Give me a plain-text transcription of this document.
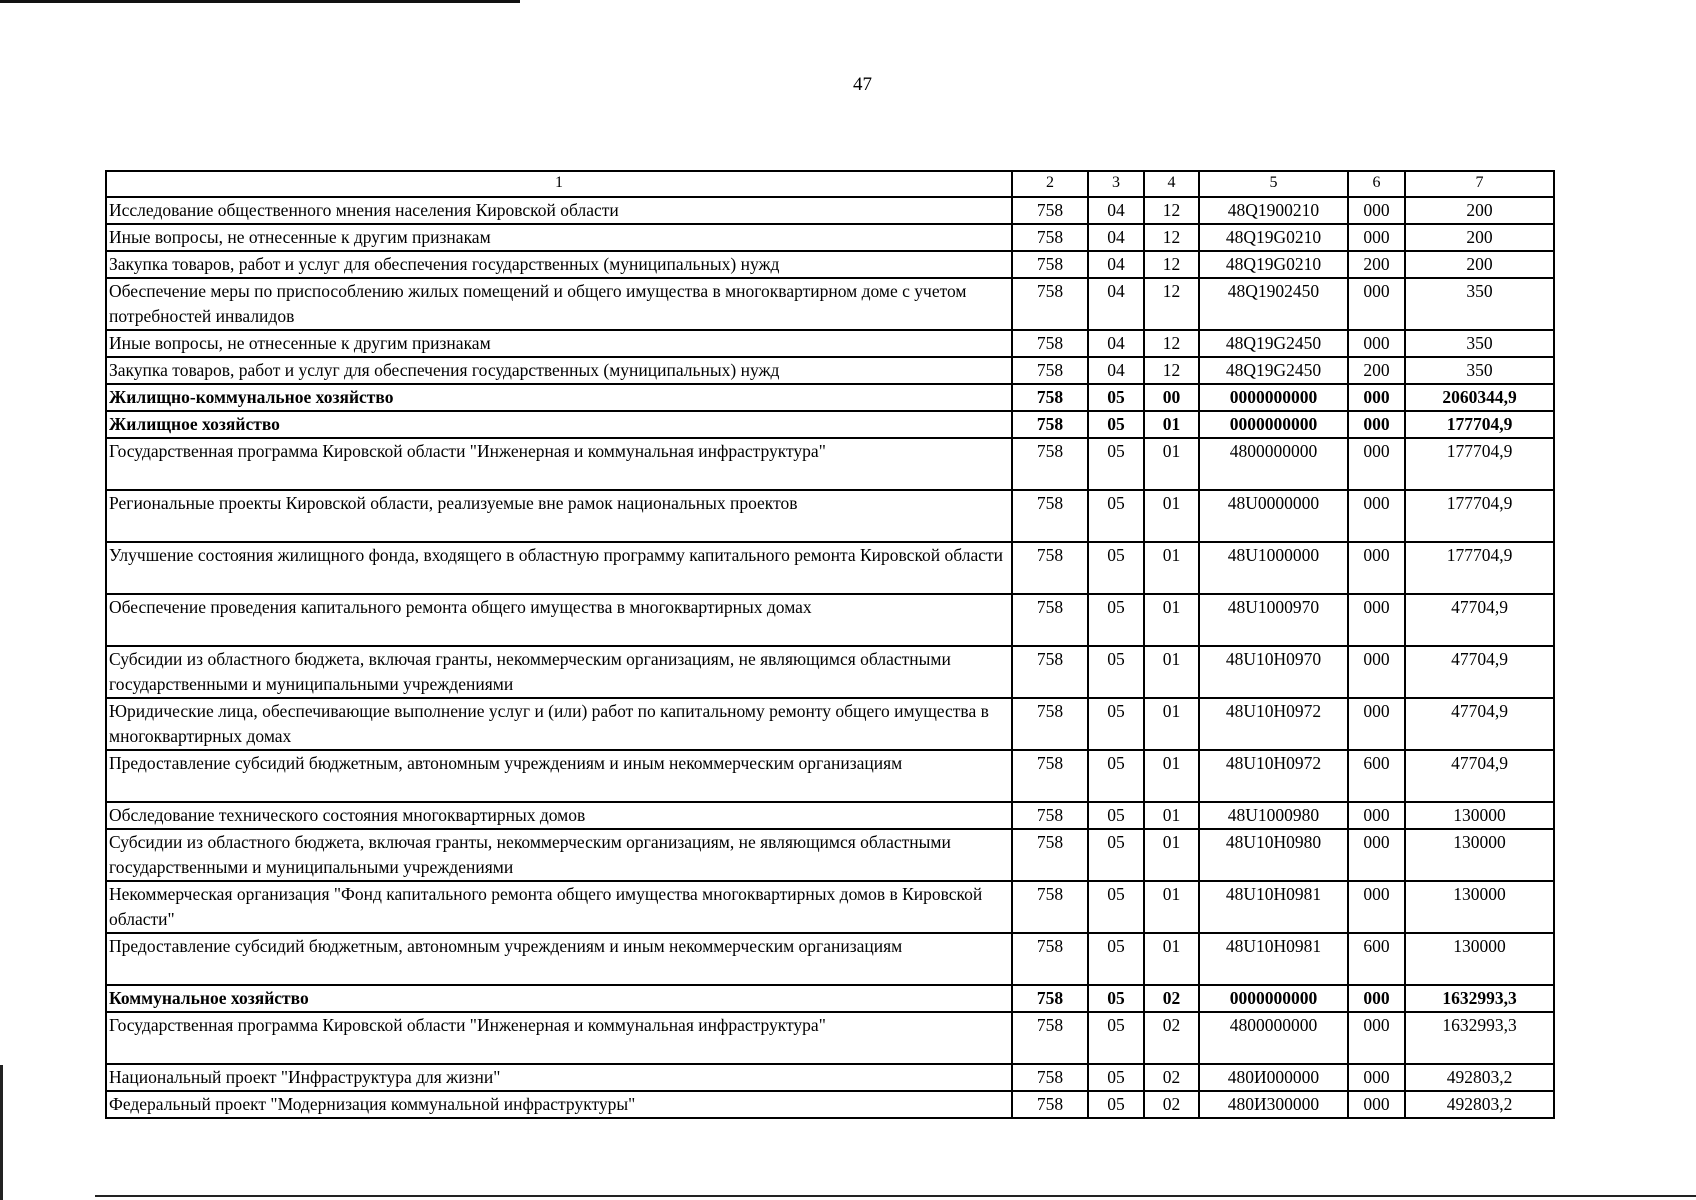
47
1	2	3	4	5	6	7
Исследование общественного мнения населения Кировской области	758	04	12	48Q1900210	000	200
Иные вопросы, не отнесенные к другим признакам	758	04	12	48Q19G0210	000	200
Закупка товаров, работ и услуг для обеспечения государственных (муниципальных) нужд	758	04	12	48Q19G0210	200	200
Обеспечение меры по приспособлению жилых помещений и общего имущества в многоквартирном доме с учетом потребностей инвалидов	758	04	12	48Q1902450	000	350
Иные вопросы, не отнесенные к другим признакам	758	04	12	48Q19G2450	000	350
Закупка товаров, работ и услуг для обеспечения государственных (муниципальных) нужд	758	04	12	48Q19G2450	200	350
Жилищно-коммунальное хозяйство	758	05	00	0000000000	000	2060344,9
Жилищное хозяйство	758	05	01	0000000000	000	177704,9
Государственная программа Кировской области "Инженерная и коммунальная инфраструктура"	758	05	01	4800000000	000	177704,9
Региональные проекты Кировской области, реализуемые вне рамок национальных проектов	758	05	01	48U0000000	000	177704,9
Улучшение состояния жилищного фонда, входящего в областную программу капитального ремонта Кировской области	758	05	01	48U1000000	000	177704,9
Обеспечение проведения капитального ремонта общего имущества в многоквартирных домах	758	05	01	48U1000970	000	47704,9
Субсидии из областного бюджета, включая гранты, некоммерческим организациям, не являющимся областными государственными и муниципальными учреждениями	758	05	01	48U10H0970	000	47704,9
Юридические лица, обеспечивающие выполнение услуг и (или) работ по капитальному ремонту общего имущества в многоквартирных домах	758	05	01	48U10H0972	000	47704,9
Предоставление субсидий бюджетным, автономным учреждениям и иным некоммерческим организациям	758	05	01	48U10H0972	600	47704,9
Обследование технического состояния многоквартирных домов	758	05	01	48U1000980	000	130000
Субсидии из областного бюджета, включая гранты, некоммерческим организациям, не являющимся областными государственными и муниципальными учреждениями	758	05	01	48U10H0980	000	130000
Некоммерческая организация "Фонд капитального ремонта общего имущества многоквартирных домов в Кировской области"	758	05	01	48U10H0981	000	130000
Предоставление субсидий бюджетным, автономным учреждениям и иным некоммерческим организациям	758	05	01	48U10H0981	600	130000
Коммунальное хозяйство	758	05	02	0000000000	000	1632993,3
Государственная программа Кировской области "Инженерная и коммунальная инфраструктура"	758	05	02	4800000000	000	1632993,3
Национальный проект "Инфраструктура для жизни"	758	05	02	480И000000	000	492803,2
Федеральный проект "Модернизация коммунальной инфраструктуры"	758	05	02	480И300000	000	492803,2
